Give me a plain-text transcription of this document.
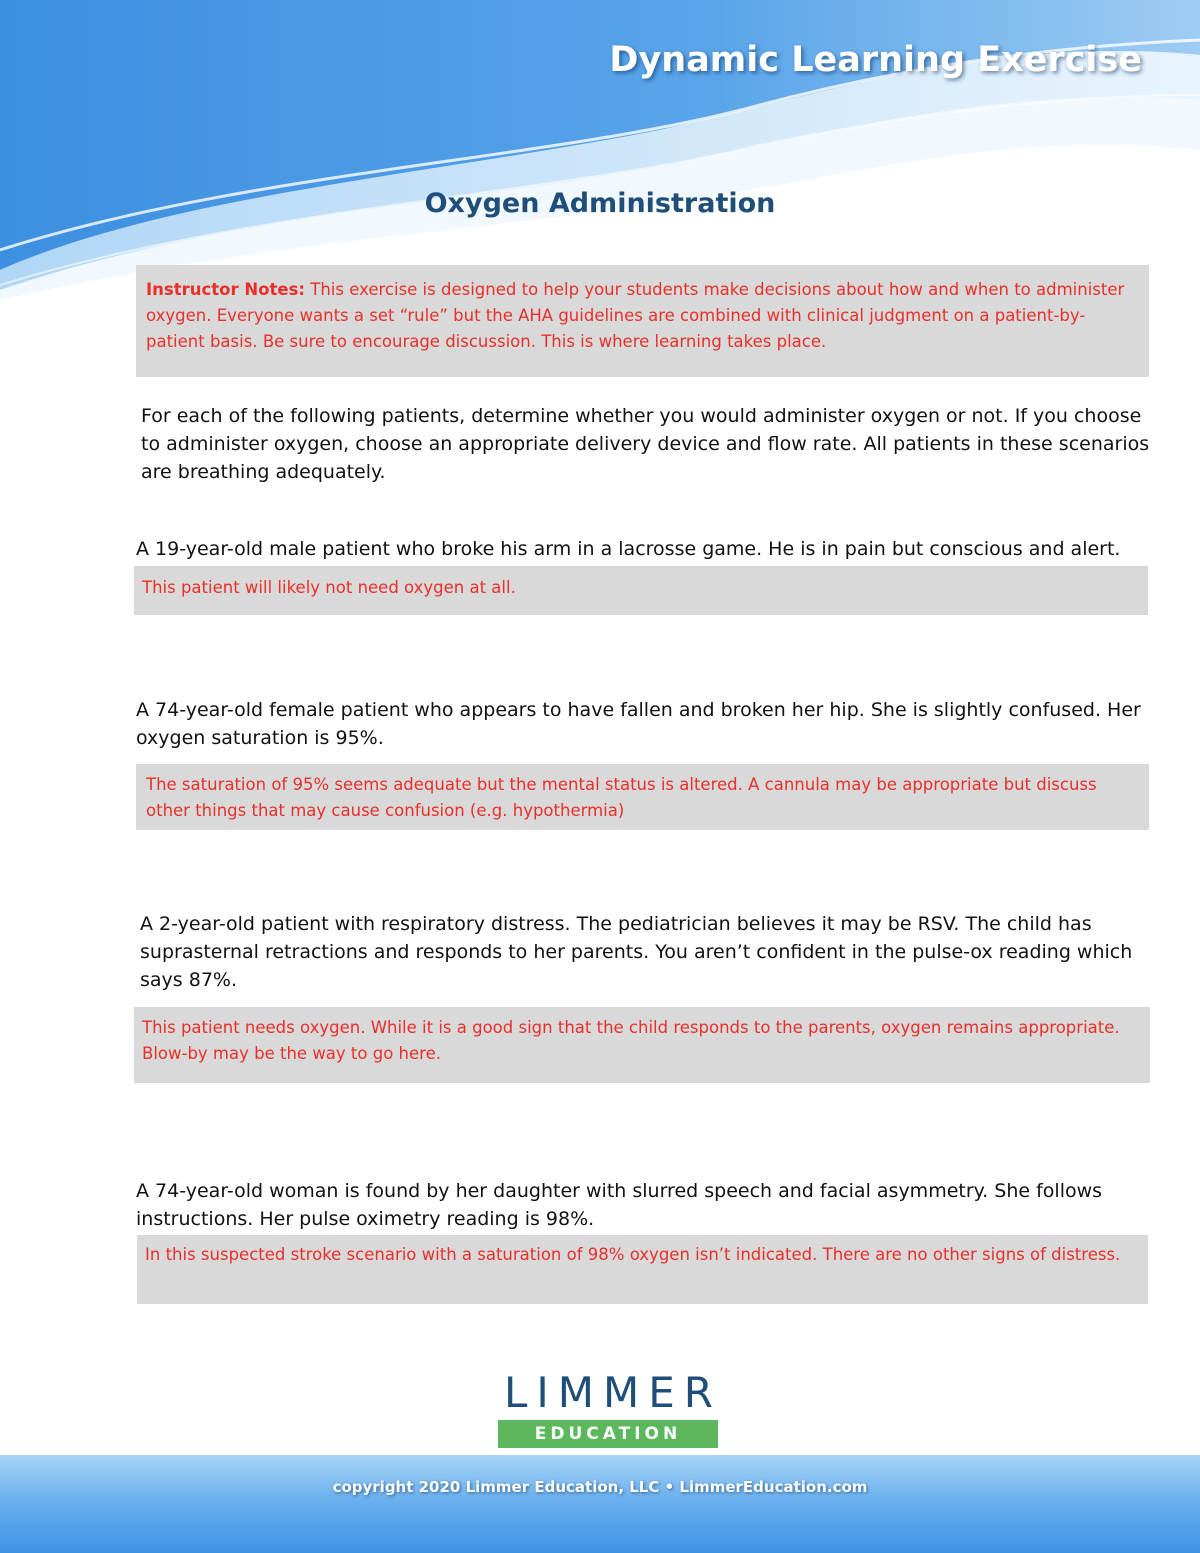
Dynamic Learning Exercise
Oxygen Administration
Instructor Notes: This exercise is designed to help your students make decisions about how and when to administer oxygen. Everyone wants a set “rule” but the AHA guidelines are combined with clinical judgment on a patient-by-patient basis. Be sure to encourage discussion. This is where learning takes place.

For each of the following patients, determine whether you would administer oxygen or not. If you choose to administer oxygen, choose an appropriate delivery device and flow rate. All patients in these scenarios are breathing adequately.

A 19-year-old male patient who broke his arm in a lacrosse game. He is in pain but conscious and alert.

This patient will likely not need oxygen at all.

A 74-year-old female patient who appears to have fallen and broken her hip. She is slightly confused. Her oxygen saturation is 95%.

The saturation of 95% seems adequate but the mental status is altered. A cannula may be appropriate but discuss other things that may cause confusion (e.g. hypothermia)

A 2-year-old patient with respiratory distress. The pediatrician believes it may be RSV. The child has suprasternal retractions and responds to her parents. You aren’t confident in the pulse-ox reading which says 87%.

This patient needs oxygen. While it is a good sign that the child responds to the parents, oxygen remains appropriate. Blow-by may be the way to go here.

A 74-year-old woman is found by her daughter with slurred speech and facial asymmetry. She follows instructions. Her pulse oximetry reading is 98%.

In this suspected stroke scenario with a saturation of 98% oxygen isn’t indicated. There are no other signs of distress.
LIMMER
EDUCATION
copyright 2020 Limmer Education, LLC • LimmerEducation.com
